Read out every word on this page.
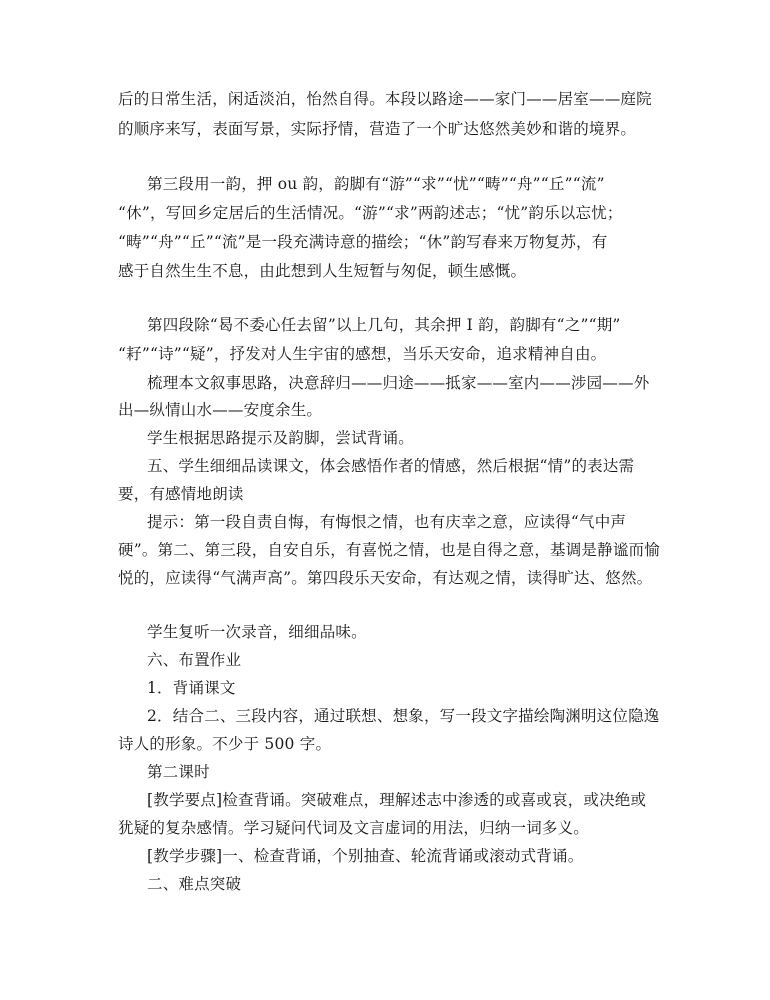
后的日常生活，闲适淡泊，怡然自得。本段以路途——家门——居室——庭院
的顺序来写，表面写景，实际抒情，营造了一个旷达悠然美妙和谐的境界。
第三段用一韵，押 ou 韵，韵脚有“游”“求”“忧”“畴”“舟”“丘”“流”
“休”，写回乡定居后的生活情况。“游”“求”两韵述志；“忧”韵乐以忘忧；
“畴”“舟”“丘”“流”是一段充满诗意的描绘；“休”韵写春来万物复苏，有
感于自然生生不息，由此想到人生短暂与匆促，顿生感慨。
第四段除“曷不委心任去留”以上几句，其余押 I 韵，韵脚有“之”“期”
“耔”“诗”“疑”，抒发对人生宇宙的感想，当乐天安命，追求精神自由。
梳理本文叙事思路，决意辞归——归途——抵家——室内——涉园——外
出—纵情山水——安度余生。
学生根据思路提示及韵脚，尝试背诵。
五、学生细细品读课文，体会感悟作者的情感，然后根据“情”的表达需
要，有感情地朗读
提示：第一段自责自悔，有悔恨之情，也有庆幸之意，应读得“气中声
硬”。第二、第三段，自安自乐，有喜悦之情，也是自得之意，基调是静谧而愉
悦的，应读得“气满声高”。第四段乐天安命，有达观之情，读得旷达、悠然。
学生复听一次录音，细细品味。
六、布置作业
1．背诵课文
2．结合二、三段内容，通过联想、想象，写一段文字描绘陶渊明这位隐逸
诗人的形象。不少于 500 字。
第二课时
[教学要点]检查背诵。突破难点，理解述志中渗透的或喜或哀，或决绝或
犹疑的复杂感情。学习疑问代词及文言虚词的用法，归纳一词多义。
[教学步骤]一、检查背诵，个别抽查、轮流背诵或滚动式背诵。
二、难点突破
